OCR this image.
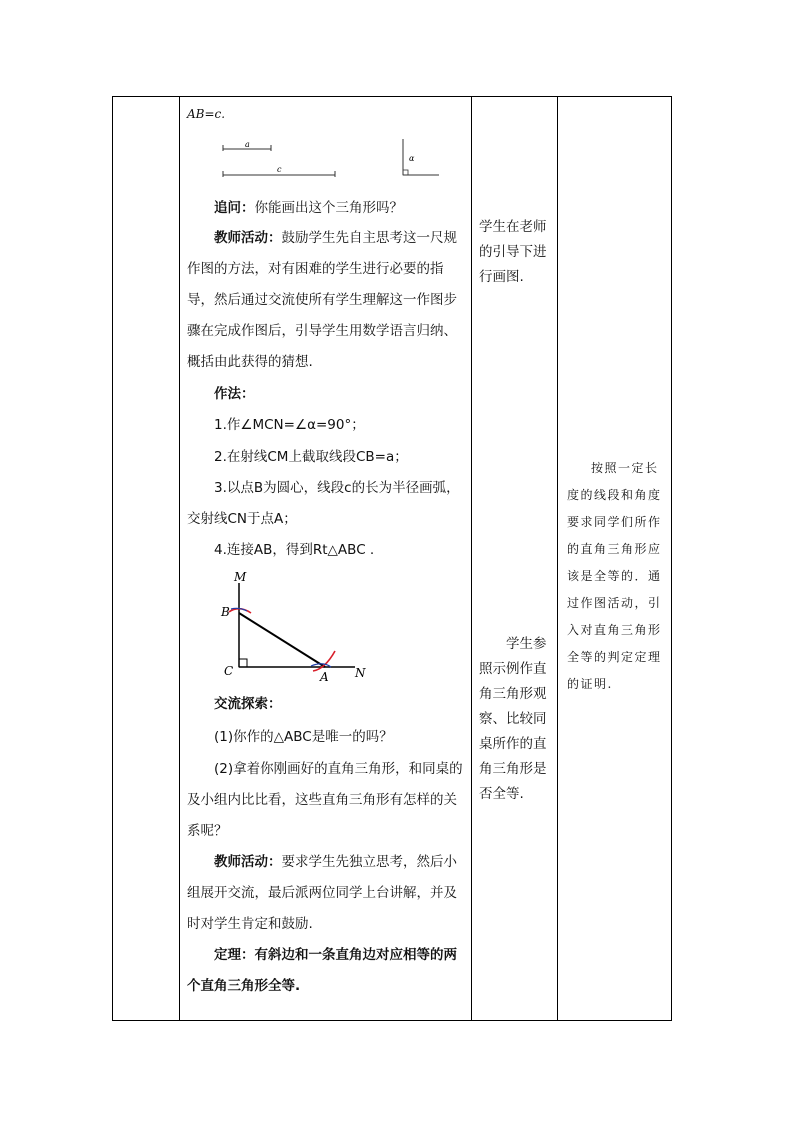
AB=c.
a
c
α
追问：你能画出这个三角形吗？
教师活动：鼓励学生先自主思考这一尺规作图的方法，对有困难的学生进行必要的指导，然后通过交流使所有学生理解这一作图步骤在完成作图后，引导学生用数学语言归纳、概括由此获得的猜想.
作法：
1.作∠MCN=∠α=90°；
2.在射线CM上截取线段CB=a；
3.以点B为圆心，线段c的长为半径画弧，交射线CN于点A；
4.连接AB，得到Rt△ABC .
M
B
C	A N
交流探索：
(1)你作的△ABC是唯一的吗？
(2)拿着你刚画好的直角三角形，和同桌的及小组内比比看，这些直角三角形有怎样的关系呢？
教师活动：要求学生先独立思考，然后小组展开交流，最后派两位同学上台讲解，并及时对学生肯定和鼓励.
定理：有斜边和一条直角边对应相等的两个直角三角形全等.
学生在老师的引导下进行画图.
学生参照示例作直角三角形观察、比较同桌所作的直角三角形是否全等.
按照一定长度的线段和角度要求同学们所作的直角三角形应该是全等的．通过作图活动，引入对直角三角形全等的判定定理的证明.
